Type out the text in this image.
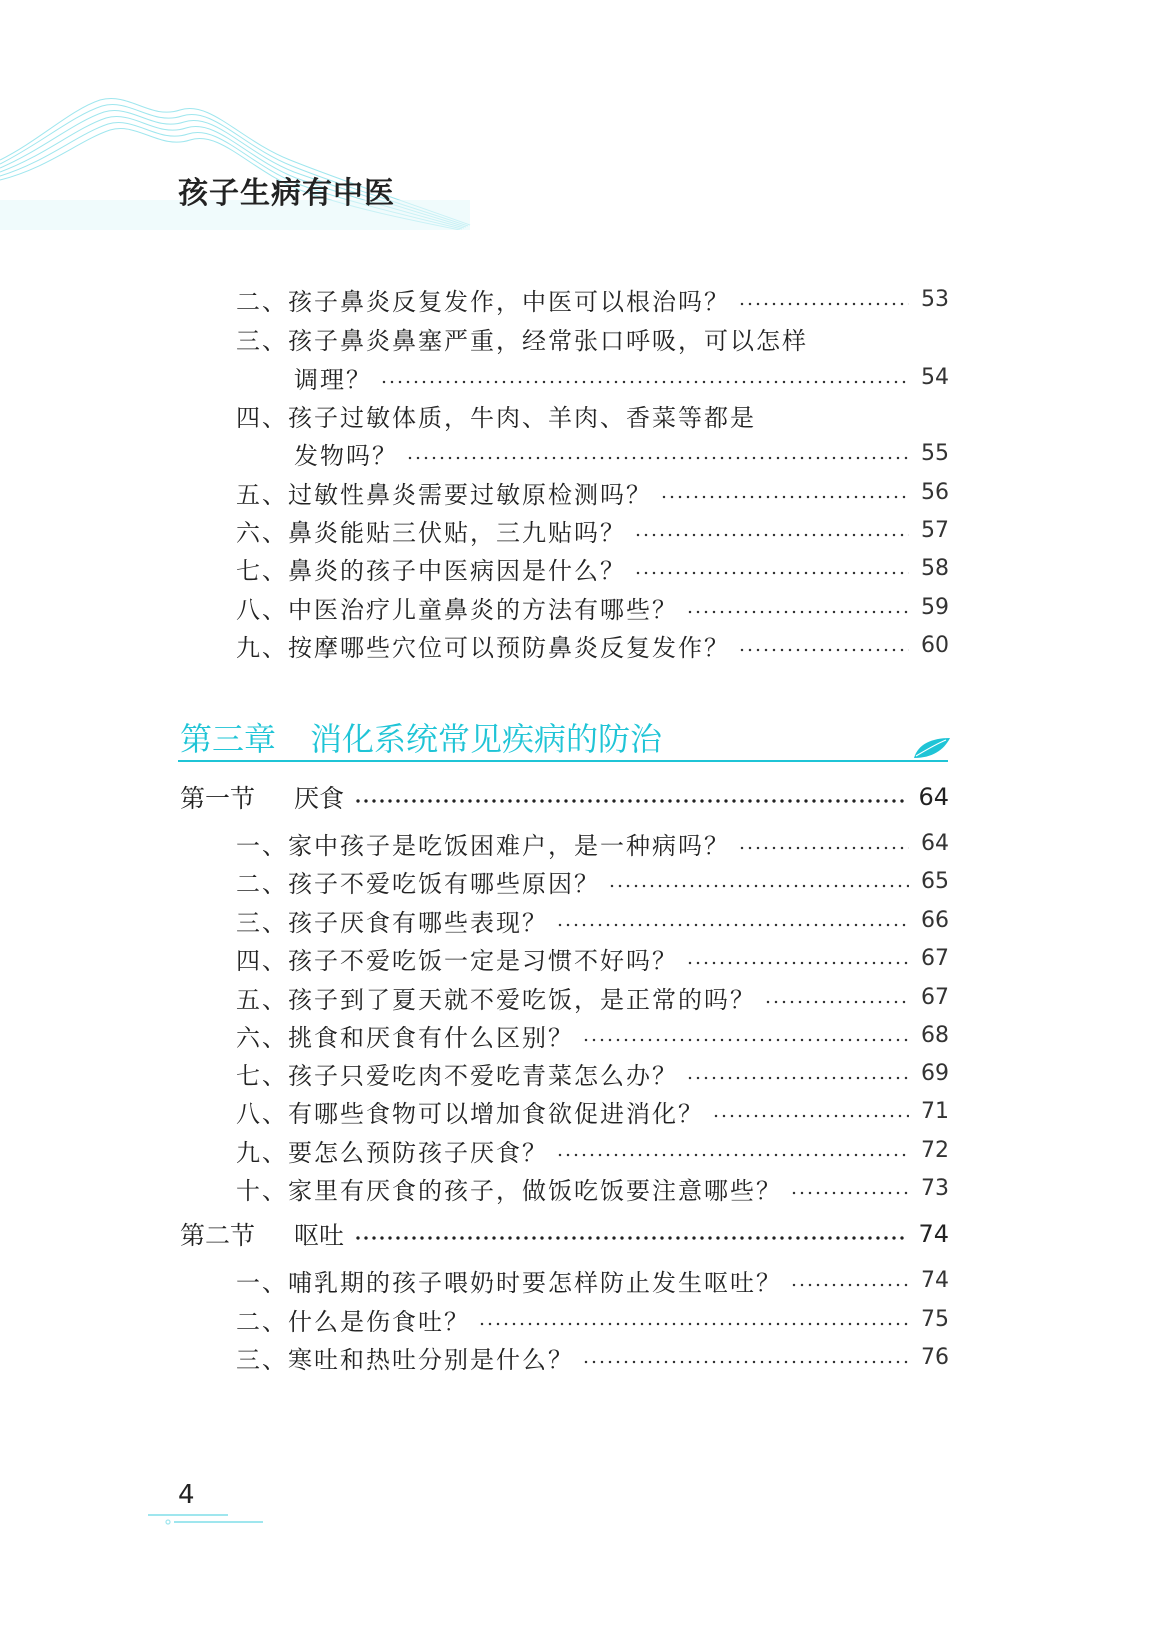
孩子生病有中医
二、孩子鼻炎反复发作，中医可以根治吗？	53
三、孩子鼻炎鼻塞严重，经常张口呼吸，可以怎样
调理？	54
四、孩子过敏体质，牛肉、羊肉、香菜等都是
发物吗？	55
五、过敏性鼻炎需要过敏原检测吗？	56
六、鼻炎能贴三伏贴，三九贴吗？	57
七、鼻炎的孩子中医病因是什么？	58
八、中医治疗儿童鼻炎的方法有哪些？	59
九、按摩哪些穴位可以预防鼻炎反复发作？	60
第三章 消化系统常见疾病的防治
第一节	厌食	64
一、家中孩子是吃饭困难户，是一种病吗？	64
二、孩子不爱吃饭有哪些原因？	65
三、孩子厌食有哪些表现？	66
四、孩子不爱吃饭一定是习惯不好吗？	67
五、孩子到了夏天就不爱吃饭，是正常的吗？	67
六、挑食和厌食有什么区别？	68
七、孩子只爱吃肉不爱吃青菜怎么办？	69
八、有哪些食物可以增加食欲促进消化？	71
九、要怎么预防孩子厌食？	72
十、家里有厌食的孩子，做饭吃饭要注意哪些？	73
第二节	呕吐	74
一、哺乳期的孩子喂奶时要怎样防止发生呕吐？	74
二、什么是伤食吐？	75
三、寒吐和热吐分别是什么？	76
4
